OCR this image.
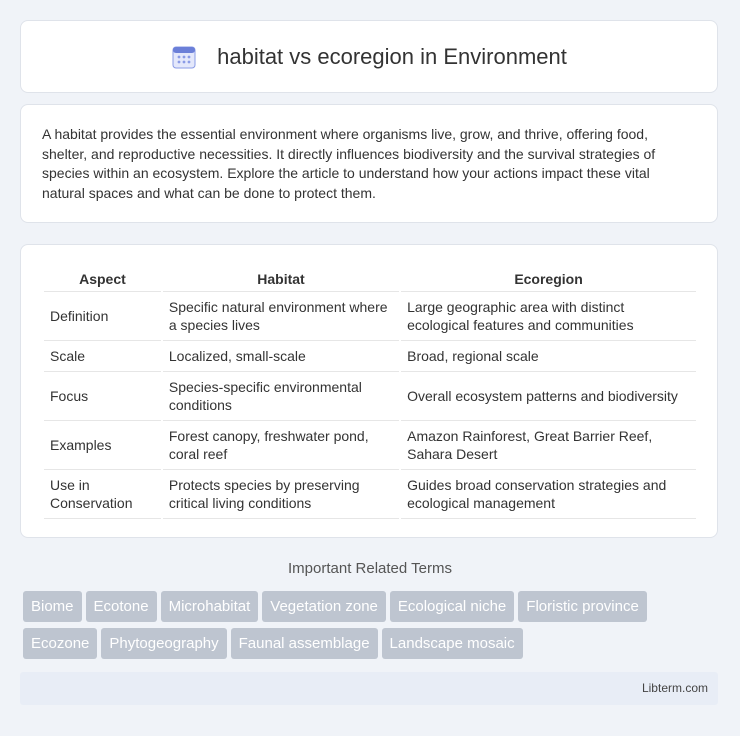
habitat vs ecoregion in Environment

A habitat provides the essential environment where organisms live, grow, and thrive, offering food, shelter, and reproductive necessities. It directly influences biodiversity and the survival strategies of species within an ecosystem. Explore the article to understand how your actions impact these vital natural spaces and what can be done to protect them.

Aspect	Habitat	Ecoregion
Definition	Specific natural environment where a species lives	Large geographic area with distinct ecological features and communities
Scale	Localized, small-scale	Broad, regional scale
Focus	Species-specific environmental conditions	Overall ecosystem patterns and biodiversity
Examples	Forest canopy, freshwater pond, coral reef	Amazon Rainforest, Great Barrier Reef, Sahara Desert
Use in Conservation	Protects species by preserving critical living conditions	Guides broad conservation strategies and ecological management
Important Related Terms
Biome Ecotone Microhabitat Vegetation zone Ecological niche Floristic provinceEcozone Phytogeography Faunal assemblage Landscape mosaic
Libterm.com
